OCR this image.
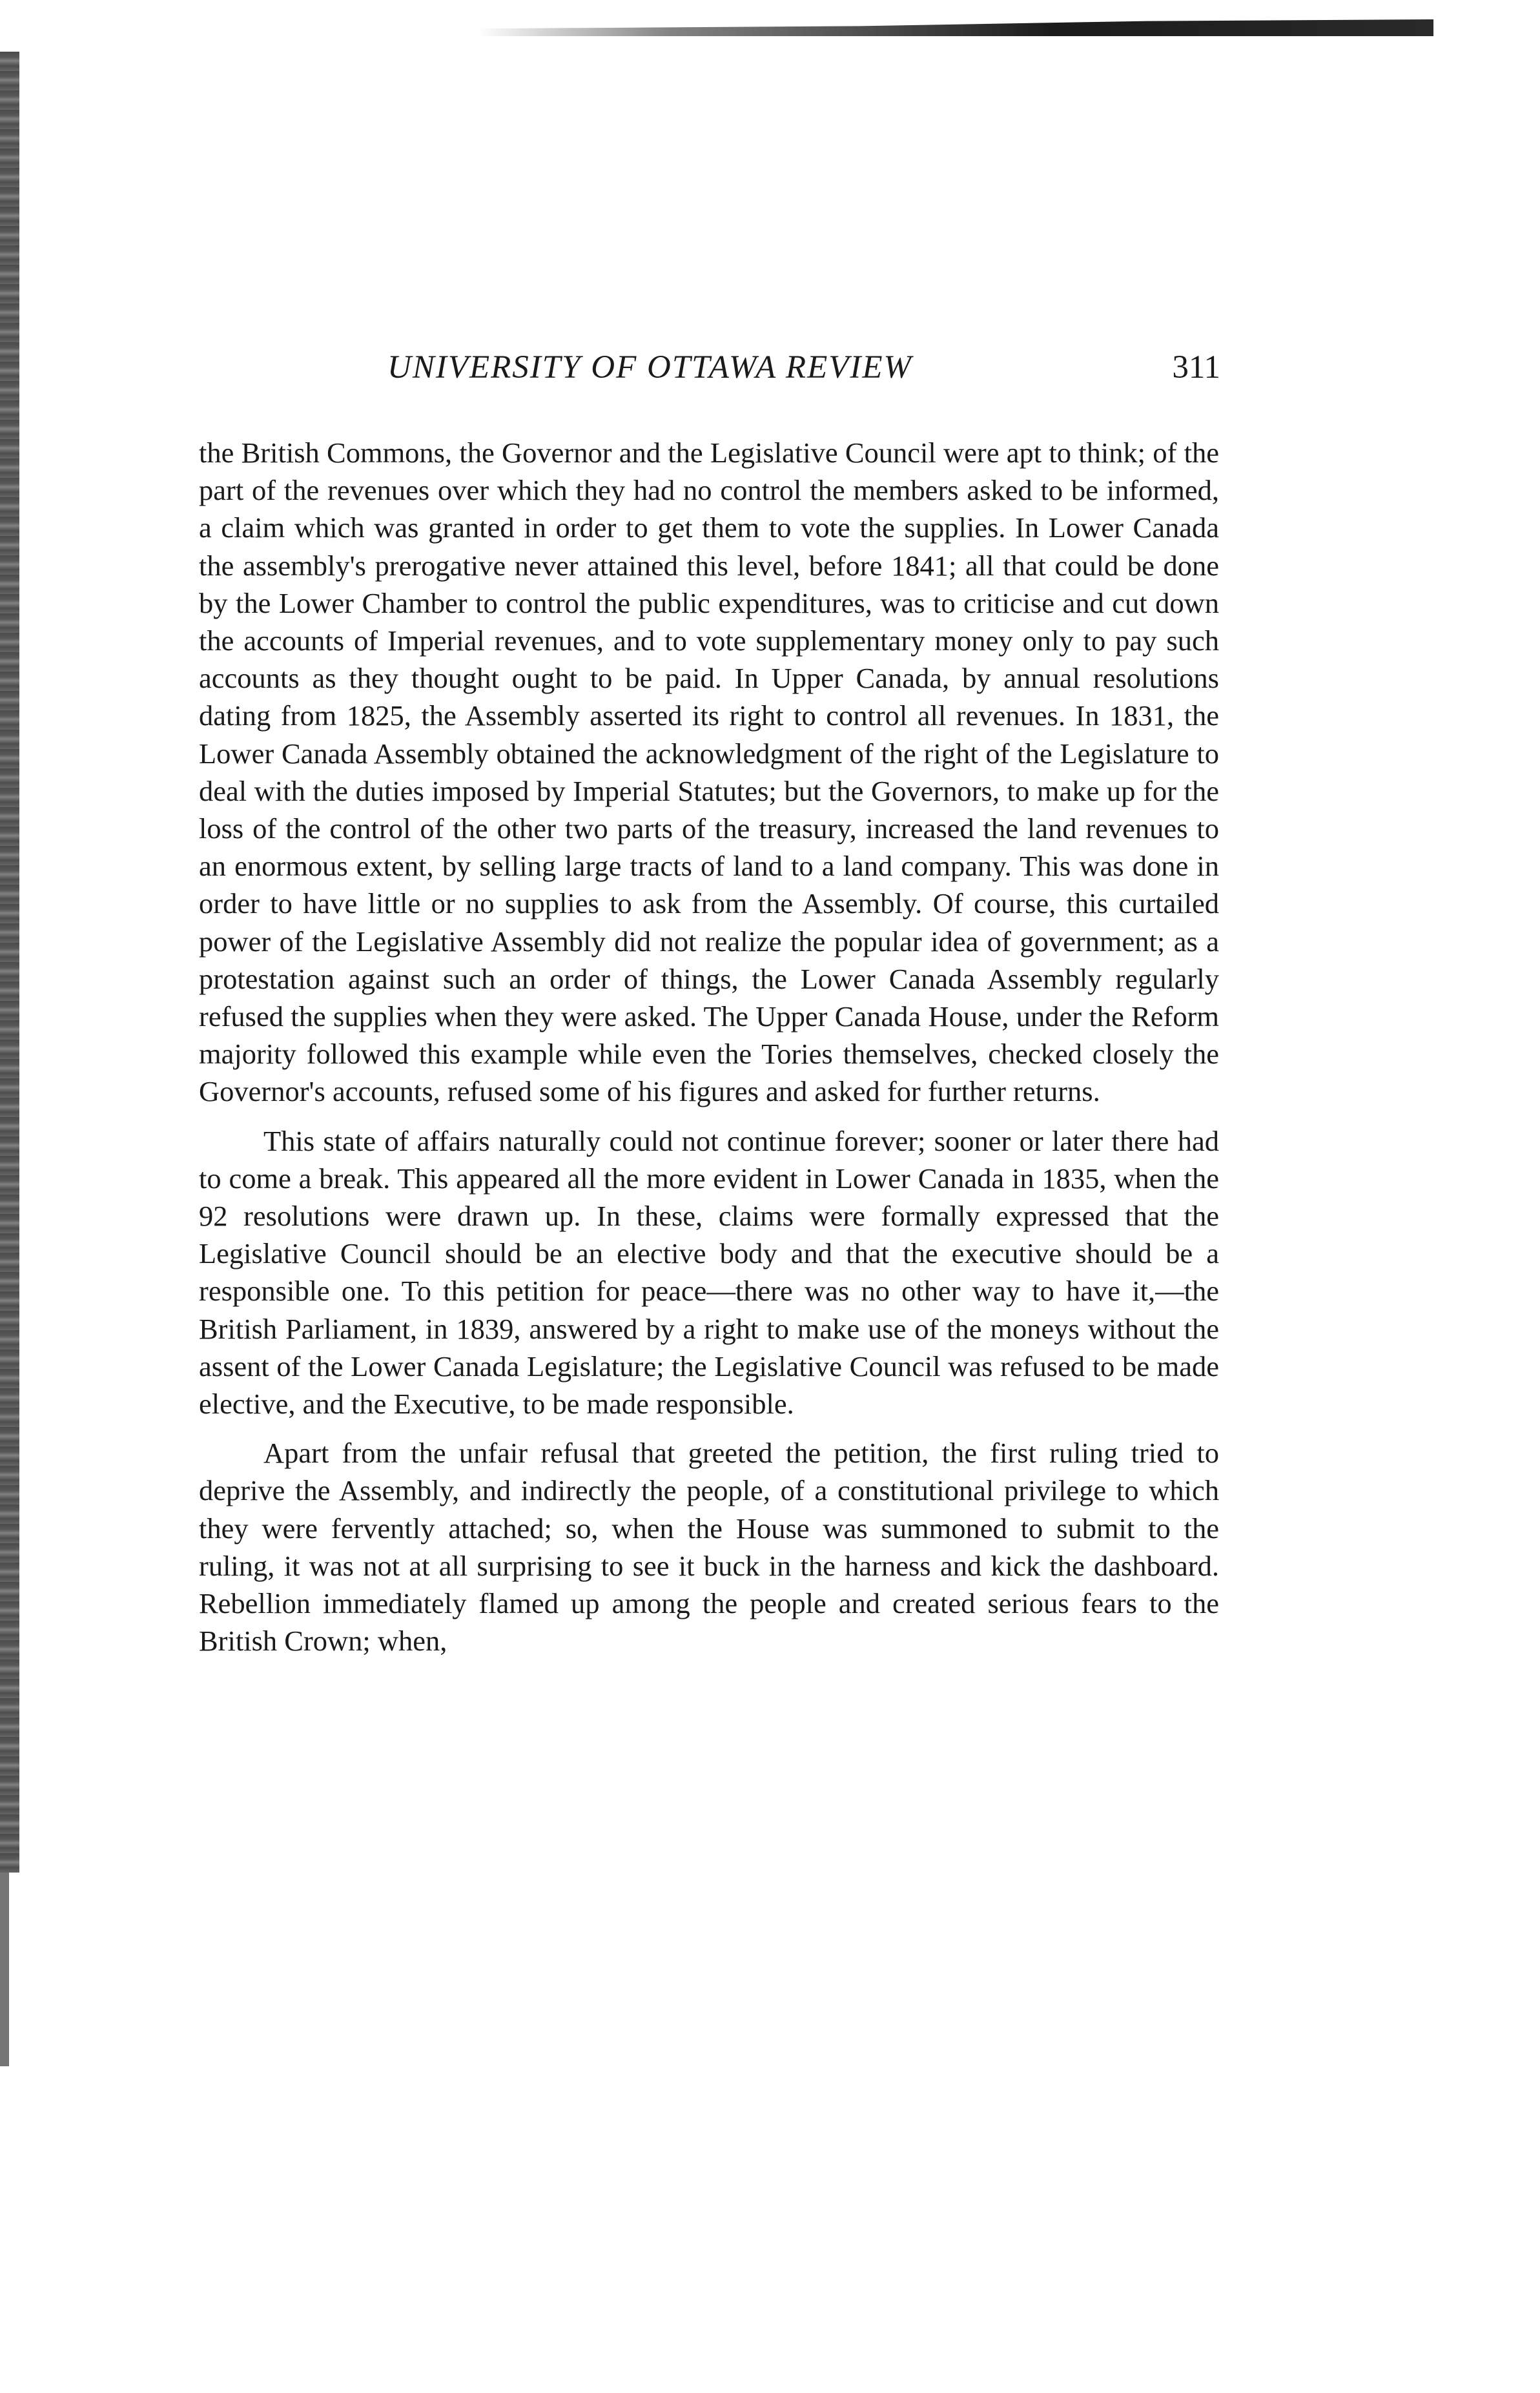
UNIVERSITY OF OTTAWA REVIEW	311

the British Commons, the Governor and the Legislative Council were apt to think; of the part of the revenues over which they had no control the members asked to be informed, a claim which was granted in order to get them to vote the supplies. In Lower Canada the assembly's prerogative never attained this level, before 1841; all that could be done by the Lower Chamber to control the public expenditures, was to criticise and cut down the accounts of Imperial revenues, and to vote supplementary money only to pay such accounts as they thought ought to be paid. In Upper Canada, by annual resolutions dating from 1825, the Assembly asserted its right to control all revenues. In 1831, the Lower Canada Assembly obtained the acknowledgment of the right of the Legislature to deal with the duties imposed by Imperial Statutes; but the Governors, to make up for the loss of the control of the other two parts of the treasury, increased the land revenues to an enormous extent, by selling large tracts of land to a land company. This was done in order to have little or no supplies to ask from the Assembly. Of course, this curtailed power of the Legislative Assembly did not realize the popular idea of government; as a protestation against such an order of things, the Lower Canada Assembly regularly refused the supplies when they were asked. The Upper Canada House, under the Reform majority followed this example while even the Tories themselves, checked closely the Governor's accounts, refused some of his figures and asked for further returns.

This state of affairs naturally could not continue forever; sooner or later there had to come a break. This appeared all the more evident in Lower Canada in 1835, when the 92 resolutions were drawn up. In these, claims were formally expressed that the Legislative Council should be an elective body and that the executive should be a responsible one. To this petition for peace—there was no other way to have it,—the British Parliament, in 1839, answered by a right to make use of the moneys without the assent of the Lower Canada Legislature; the Legislative Council was refused to be made elective, and the Executive, to be made responsible.

Apart from the unfair refusal that greeted the petition, the first ruling tried to deprive the Assembly, and indirectly the people, of a constitutional privilege to which they were fervently attached; so, when the House was summoned to submit to the ruling, it was not at all surprising to see it buck in the harness and kick the dashboard. Rebellion immediately flamed up among the people and created serious fears to the British Crown; when,
